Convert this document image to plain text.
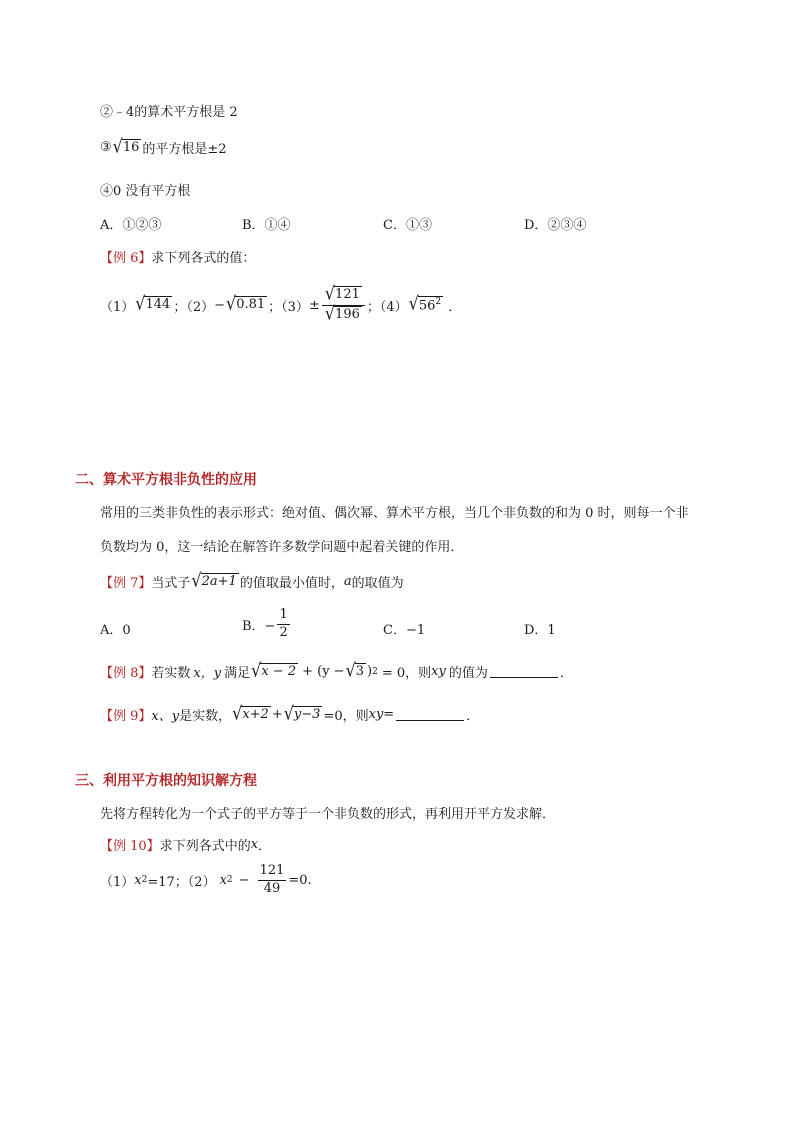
②﹣4的算术平方根是 2
③ √ 16 的平方根是±2
④0 没有平方根
A．①②③	B．①④	C．①③	D．②③④
【例 6】 求下列各式的值：
（1） √ 144 ；（2） − √ 0.81 ；$(3) \pm \frac{√ 121}{√ 196}$ ；（4） √ $56^2$ ．
二、算术平方根非负性的应用
常用的三类非负性的表示形式：绝对值、偶次幂、算术平方根，当几个非负数的和为 0 时，则每一个非
负数均为 0，这一结论在解答许多数学问题中起着关键的作用．
【例 7】 当式子 √ 2a+1 的值取最小值时， a 的取值为
A．0	B．− $\frac{1}{2}$	C．−1	D．1
【例 8】 若实数 x，y 满足 √ x − 2 + (y − √ 3 ) 2 = 0，则 xy 的值为	．
【例 9】 x、y 是实数， √ x+2 + √ y−3 =0，则 xy =	．
三、利用平方根的知识解方程
先将方程转化为一个式子的平方等于一个非负数的形式，再利用开平方发求解．
【例 10】 求下列各式中的 x ．
（1） x 2 =17；（2） x $2 - \frac{121}{49} =0$.
